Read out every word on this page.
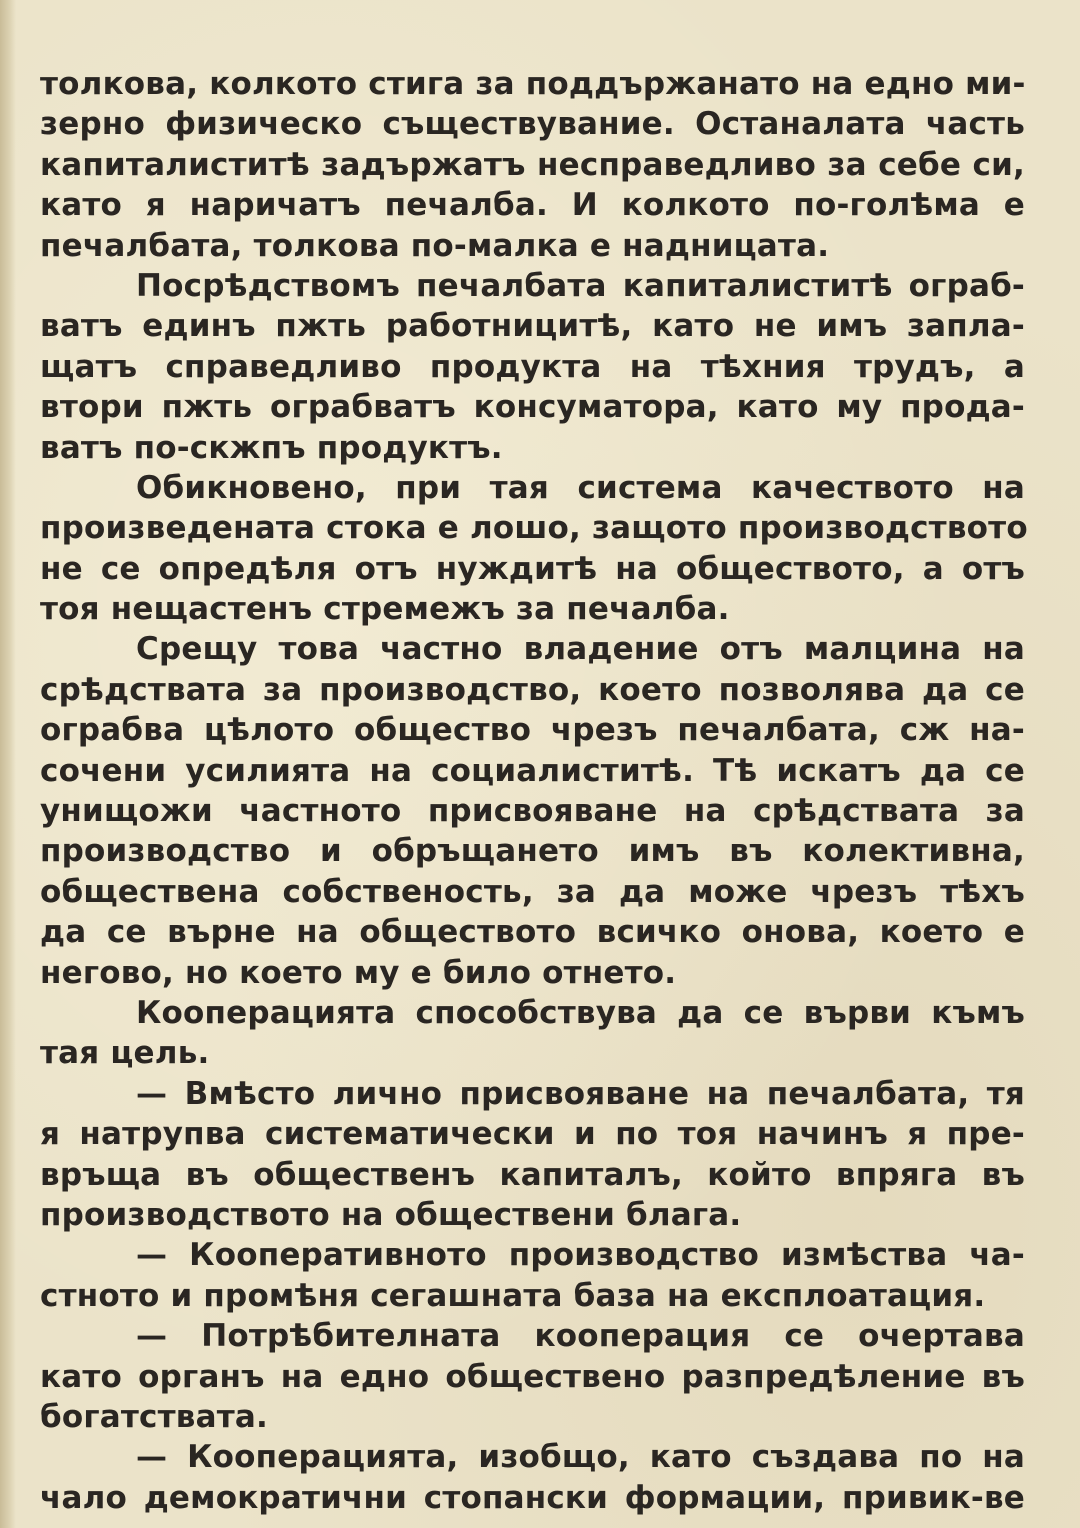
толкова, колкото стига за поддържанато на едно ми-
зерно физическо съществувание. Останалата часть
капиталиститѣ задържатъ несправедливо за себе си,
като я наричатъ печалба. И колкото по-голѣма е
печалбата, толкова по-малка е надницата.
Посрѣдствомъ печалбата капиталиститѣ ограб-
ватъ единъ пжть работницитѣ, като не имъ запла-
щатъ справедливо продукта на тѣхния трудъ, а
втори пжть ограбватъ консуматора, като му прода-
ватъ по-скжпъ продуктъ.
Обикновено, при тая система качеството на
произведената стока е лошо, защото производството
не се опредѣля отъ нуждитѣ на обществото, а отъ
тоя нещастенъ стремежъ за печалба.
Срещу това частно владение отъ малцина на
срѣдствата за производство, което позволява да се
ограбва цѣлото общество чрезъ печалбата, сж на-
сочени усилията на социалиститѣ. Тѣ искатъ да се
унищожи частното присвояване на срѣдствата за
производство и обръщането имъ въ колективна,
обществена собственость, за да може чрезъ тѣхъ
да се върне на обществото всичко онова, което е
негово, но което му е било отнето.
Кооперацията способствува да се върви къмъ
тая цель.
— Вмѣсто лично присвояване на печалбата, тя
я натрупва систематически и по тоя начинъ я пре-
връща въ общественъ капиталъ, който впряга въ
производството на обществени блага.
— Кооперативното производство измѣства ча-
стното и промѣня сегашната база на експлоатация.
— Потрѣбителната кооперация се очертава
като органъ на едно обществено разпредѣление въ
богатствата.
— Кооперацията, изобщо, като създава по на
чало демократични стопански формации, привик-ве
